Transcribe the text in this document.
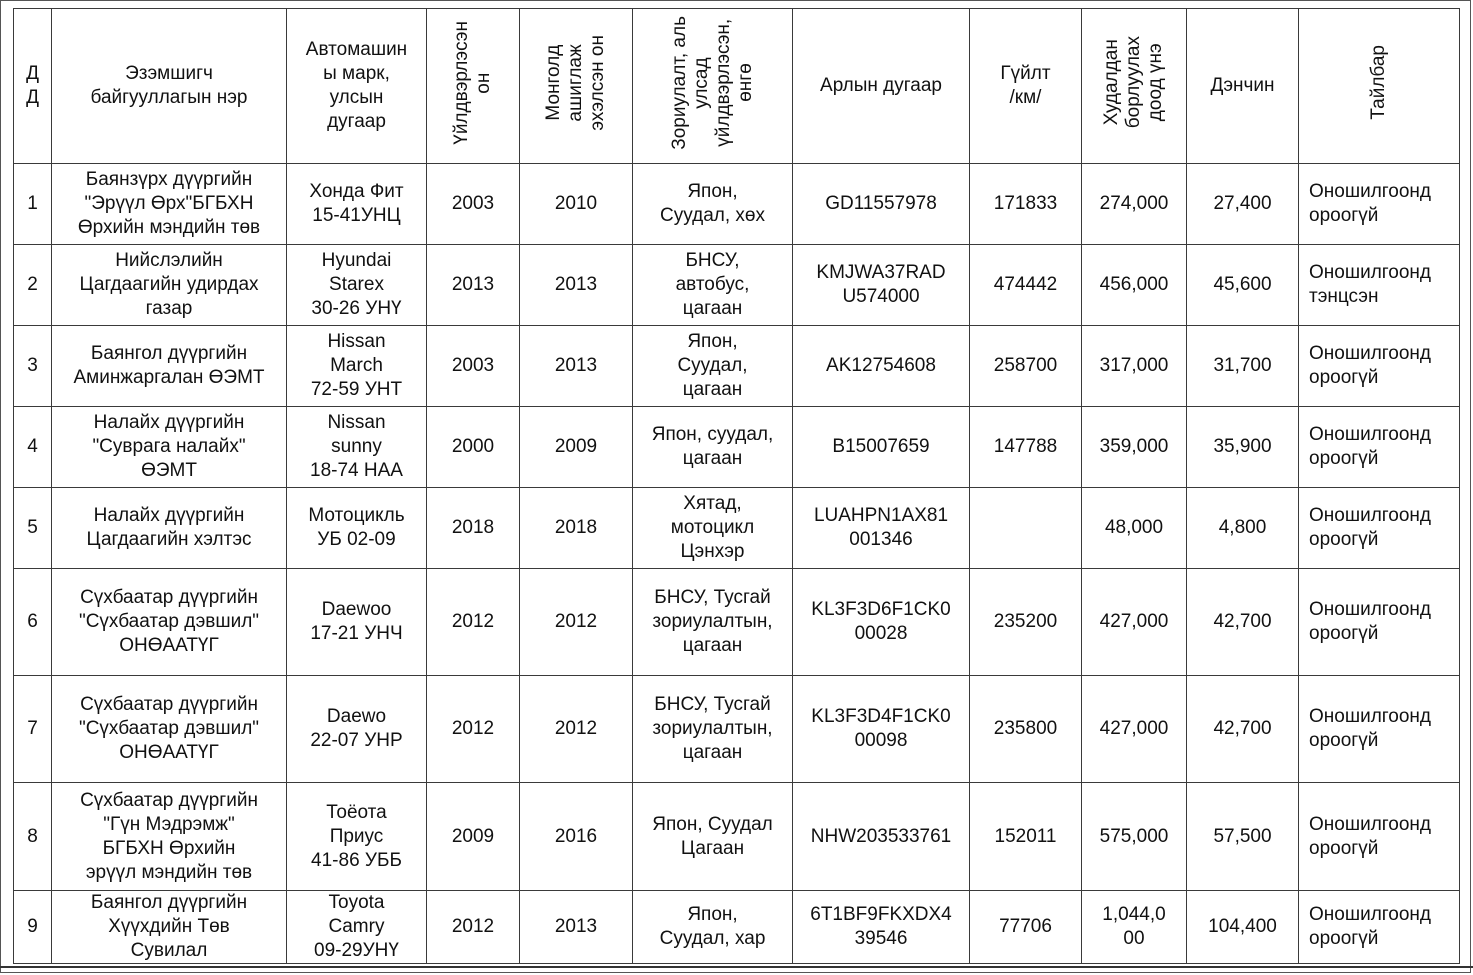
Д
Д	Эзэмшигч
байгууллагын нэр	Автомашин
ы марк,
улсын
дугаар	Үйлдвэрлэсэн
он	Монголд
ашиглаж
эхэлсэн он	Зориулалт, аль
улсад
үйлдвэрлэсэн,
өнгө	Арлын дугаар	Гүйлт
/км/	Худалдан
борлуулах
доод үнэ	Дэнчин	Тайлбар
1	Баянзүрх дүүргийн
"Эрүүл Өрх"БГБХН
Өрхийн мэндийн төв	Хонда Фит
15-41УНЦ	2003	2010	Япон,
Суудал, хөх	GD11557978	171833	274,000	27,400	Оношилгоонд
ороогүй
2	Нийслэлийн
Цагдаагийн удирдах
газар	Hyundai
Starex
30-26 УНҮ	2013	2013	БНСУ,
автобус,
цагаан	KMJWA37RAD
U574000	474442	456,000	45,600	Оношилгоонд
тэнцсэн
3	Баянгол дүүргийн
Аминжаргалан ӨЭМТ	Hissan
March
72-59 УНТ	2003	2013	Япон,
Суудал,
цагаан	AK12754608	258700	317,000	31,700	Оношилгоонд
ороогүй
4	Налайх дүүргийн
"Суврага налайх"
ӨЭМТ	Nissan
sunny
18-74 НАА	2000	2009	Япон, суудал,
цагаан	B15007659	147788	359,000	35,900	Оношилгоонд
ороогүй
5	Налайх дүүргийн
Цагдаагийн хэлтэс	Мотоцикль
УБ 02-09	2018	2018	Хятад,
мотоцикл
Цэнхэр	LUAHPN1AX81
001346		48,000	4,800	Оношилгоонд
ороогүй
6	Сүхбаатар дүүргийн
"Сүхбаатар дэвшил"
ОНӨААТҮГ	Daewoo
17-21 УНЧ	2012	2012	БНСУ, Тусгай
зориулалтын,
цагаан	KL3F3D6F1CK0
00028	235200	427,000	42,700	Оношилгоонд
ороогүй
7	Сүхбаатар дүүргийн
"Сүхбаатар дэвшил"
ОНӨААТҮГ	Daewo
22-07 УНР	2012	2012	БНСУ, Тусгай
зориулалтын,
цагаан	KL3F3D4F1CK0
00098	235800	427,000	42,700	Оношилгоонд
ороогүй
8	Сүхбаатар дүүргийн
"Гүн Мэдрэмж"
БГБХН Өрхийн
эрүүл мэндийн төв	Тоёота
Приус
41-86 УББ	2009	2016	Япон, Суудал
Цагаан	NHW203533761	152011	575,000	57,500	Оношилгоонд
ороогүй
9	Баянгол дүүргийн
Хүүхдийн Төв
Сувилал	Toyota
Camry
09-29УНҮ	2012	2013	Япон,
Суудал, хар	6T1BF9FKXDX4
39546	77706	1,044,0
00	104,400	Оношилгоонд
ороогүй
